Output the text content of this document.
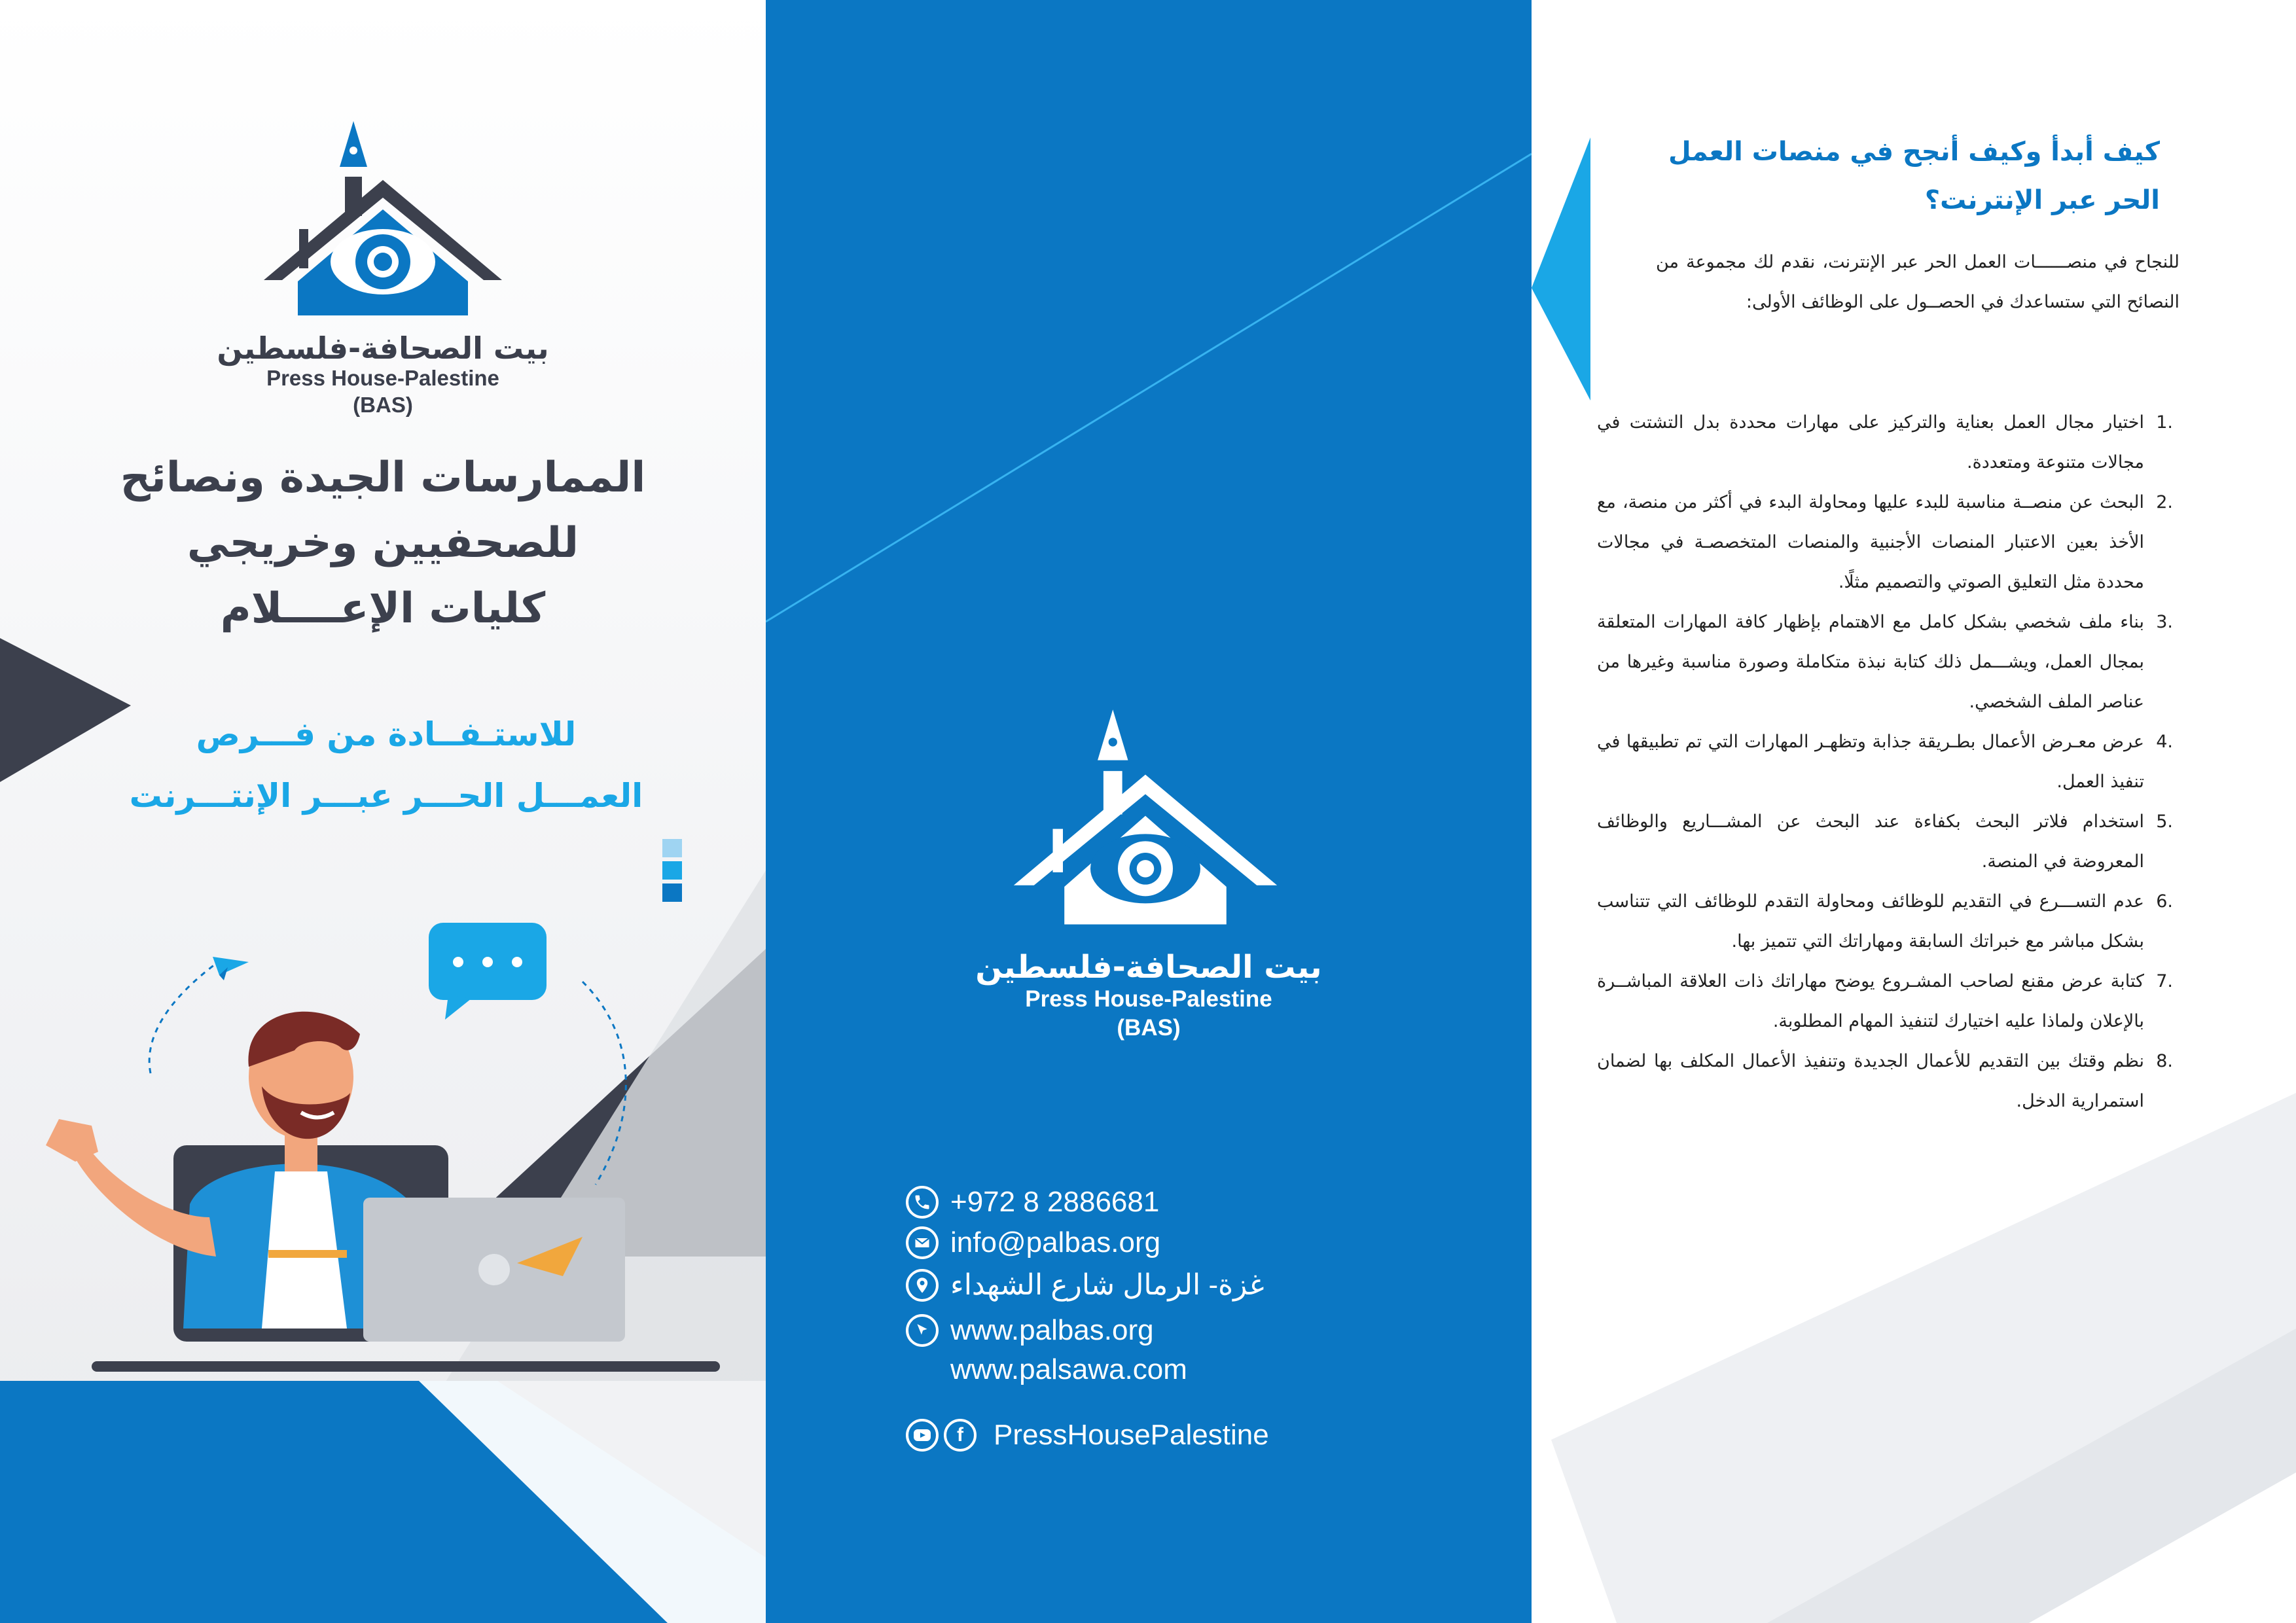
بيت الصحافة-فلسطين
Press House-Palestine
(BAS)
الممارسات الجيدة ونصائح
للصحفيين وخريجي
كليات الإعــــلام
للاستـفــادة من فـــرص
العمـــل الحـــر عبـــر الإنتـــرنت
بيت الصحافة-فلسطين
Press House-Palestine
(BAS)
+972 8 2886681
info@palbas.org
غزة- الرمال شارع الشهداء
www.palbas.org
www.palsawa.com
f	PressHousePalestine
كيف أبدأ وكيف أنجح في منصات العمل الحر عبر الإنترنت؟
للنجاح في منصــــــات العمل الحر عبر الإنترنت، نقدم لك مجموعة من النصائح التي ستساعدك في الحصــول على الوظائف الأولى:
1.
اختيار مجال العمل بعناية والتركيز على مهارات محددة بدل التشتت في مجالات متنوعة ومتعددة.
2.
البحث عن منصــة مناسبة للبدء عليها ومحاولة البدء في أكثر من منصة، مع الأخذ بعين الاعتبار المنصات الأجنبية والمنصات المتخصصـة في مجالات محددة مثل التعليق الصوتي والتصميم مثلًا.
3.
بناء ملف شخصي بشكل كامل مع الاهتمام بإظهار كافة المهارات المتعلقة بمجال العمل، ويشـــمل ذلك كتابة نبذة متكاملة وصورة مناسبة وغيرها من عناصر الملف الشخصي.
4.
عرض معـرض الأعمال بطـريقة جذابة وتظهـر المهارات التي تم تطبيقها في تنفيذ العمل.
5.
استخدام فلاتر البحث بكفاءة عند البحث عن المشـــاريع والوظائف المعروضة في المنصة.
6.
عدم التســـرع في التقديم للوظائف ومحاولة التقدم للوظائف التي تتناسب بشكل مباشر مع خبراتك السابقة ومهاراتك التي تتميز بها.
7.
كتابة عرض مقنع لصاحب المشـروع يوضح مهاراتك ذات العلاقة المباشــرة بالإعلان ولماذا عليه اختيارك لتنفيذ المهام المطلوبة.
8.
نظم وقتك بين التقديم للأعمال الجديدة وتنفيذ الأعمال المكلف بها لضمان استمرارية الدخل.
